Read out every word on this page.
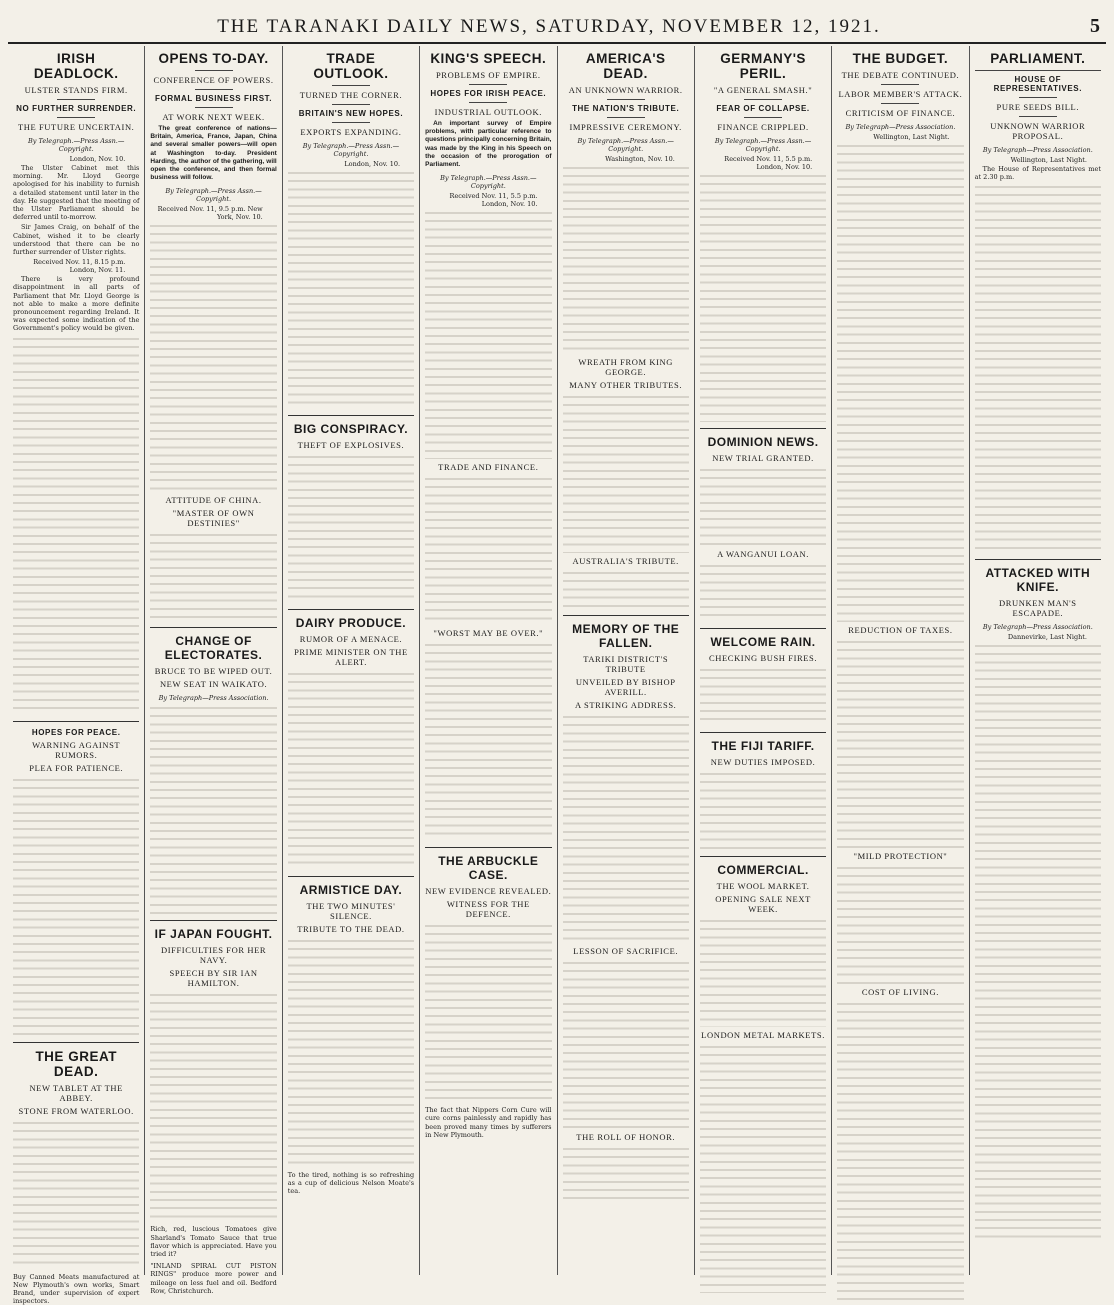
THE TARANAKI DAILY NEWS, SATURDAY, NOVEMBER 12, 1921.	5
IRISH DEADLOCK.
ULSTER STANDS FIRM.
NO FURTHER SURRENDER.
THE FUTURE UNCERTAIN.
By Telegraph.—Press Assn.—Copyright.
London, Nov. 10.

The Ulster Cabinet met this morning. Mr. Lloyd George apologised for his inability to furnish a detailed statement until later in the day. He suggested that the meeting of the Ulster Parliament should be deferred until to-morrow.

Sir James Craig, on behalf of the Cabinet, wished it to be clearly understood that there can be no further surrender of Ulster rights.

Received Nov. 11, 8.15 p.m. London, Nov. 11.

There is very profound disappointment in all parts of Parliament that Mr. Lloyd George is not able to make a more definite pronouncement regarding Ireland. It was expected some indication of the Government's policy would be given.

HOPES FOR PEACE.
WARNING AGAINST RUMORS.
PLEA FOR PATIENCE.
THE GREAT DEAD.
NEW TABLET AT THE ABBEY.
STONE FROM WATERLOO.

Buy Canned Meats manufactured at New Plymouth's own works, Smart Brand, under supervision of expert inspectors.

OPENS TO-DAY.
CONFERENCE OF POWERS.
FORMAL BUSINESS FIRST.
AT WORK NEXT WEEK.

The great conference of nations—Britain, America, France, Japan, China and several smaller powers—will open at Washington to-day. President Harding, the author of the gathering, will open the conference, and then formal business will follow.

By Telegraph.—Press Assn.—Copyright.
Received Nov. 11, 9.5 p.m. New York, Nov. 10.
ATTITUDE OF CHINA.
"MASTER OF OWN DESTINIES"
CHANGE OF ELECTORATES.
BRUCE TO BE WIPED OUT.
NEW SEAT IN WAIKATO.
By Telegraph—Press Association.
IF JAPAN FOUGHT.
DIFFICULTIES FOR HER NAVY.
SPEECH BY SIR IAN HAMILTON.

Rich, red, luscious Tomatoes give Sharland's Tomato Sauce that true flavor which is appreciated. Have you tried it?

"INLAND SPIRAL CUT PISTON RINGS" produce more power and mileage on less fuel and oil. Bedford Row, Christchurch.

TRADE OUTLOOK.
TURNED THE CORNER.
BRITAIN'S NEW HOPES.
EXPORTS EXPANDING.
By Telegraph.—Press Assn.—Copyright.
London, Nov. 10.
BIG CONSPIRACY.
THEFT OF EXPLOSIVES.
DAIRY PRODUCE.
RUMOR OF A MENACE.
PRIME MINISTER ON THE ALERT.
ARMISTICE DAY.
THE TWO MINUTES' SILENCE.
TRIBUTE TO THE DEAD.

To the tired, nothing is so refreshing as a cup of delicious Nelson Moate's tea.

KING'S SPEECH.
PROBLEMS OF EMPIRE.
HOPES FOR IRISH PEACE.
INDUSTRIAL OUTLOOK.

An important survey of Empire problems, with particular reference to questions principally concerning Britain, was made by the King in his Speech on the occasion of the prorogation of Parliament.

By Telegraph.—Press Assn.—Copyright.
Received Nov. 11, 5.5 p.m. London, Nov. 10.
TRADE AND FINANCE.
"WORST MAY BE OVER."
THE ARBUCKLE CASE.
NEW EVIDENCE REVEALED.
WITNESS FOR THE DEFENCE.

The fact that Nippers Corn Cure will cure corns painlessly and rapidly has been proved many times by sufferers in New Plymouth.

AMERICA'S DEAD.
AN UNKNOWN WARRIOR.
THE NATION'S TRIBUTE.
IMPRESSIVE CEREMONY.
By Telegraph.—Press Assn.—Copyright.
Washington, Nov. 10.
WREATH FROM KING GEORGE.
MANY OTHER TRIBUTES.
AUSTRALIA'S TRIBUTE.
MEMORY OF THE FALLEN.
TARIKI DISTRICT'S TRIBUTE
UNVEILED BY BISHOP AVERILL.
A STRIKING ADDRESS.
LESSON OF SACRIFICE.
THE ROLL OF HONOR.
GERMANY'S PERIL.
"A GENERAL SMASH."
FEAR OF COLLAPSE.
FINANCE CRIPPLED.
By Telegraph.—Press Assn.—Copyright.
Received Nov. 11, 5.5 p.m. London, Nov. 10.
DOMINION NEWS.
NEW TRIAL GRANTED.
A WANGANUI LOAN.
WELCOME RAIN.
CHECKING BUSH FIRES.
THE FIJI TARIFF.
NEW DUTIES IMPOSED.
COMMERCIAL.
THE WOOL MARKET.
OPENING SALE NEXT WEEK.
LONDON METAL MARKETS.
THE BUDGET.
THE DEBATE CONTINUED.
LABOR MEMBER'S ATTACK.
CRITICISM OF FINANCE.
By Telegraph—Press Association.
Wellington, Last Night.
REDUCTION OF TAXES.
"MILD PROTECTION"
COST OF LIVING.
PARLIAMENT.
HOUSE OF REPRESENTATIVES.
PURE SEEDS BILL.
UNKNOWN WARRIOR PROPOSAL.
By Telegraph—Press Association.
Wellington, Last Night.

The House of Representatives met at 2.30 p.m.

ATTACKED WITH KNIFE.
DRUNKEN MAN'S ESCAPADE.
By Telegraph—Press Association.
Dannevirke, Last Night.
